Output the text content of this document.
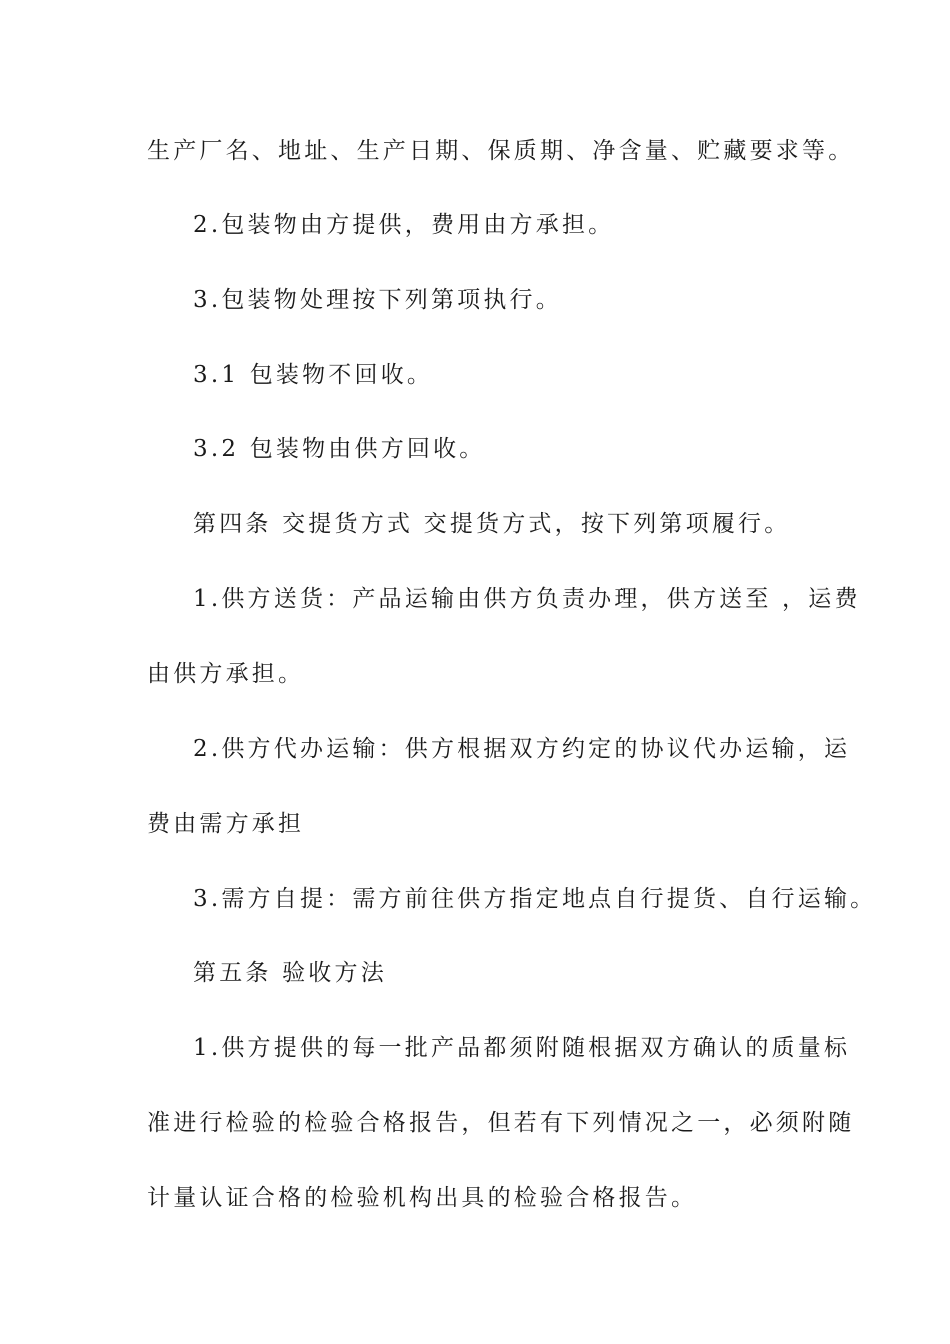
生产厂名、地址、生产日期、保质期、净含量、贮藏要求等。
2.包装物由方提供，费用由方承担。
3.包装物处理按下列第项执行。
3.1 包装物不回收。
3.2 包装物由供方回收。
第四条 交提货方式 交提货方式，按下列第项履行。
1.供方送货：产品运输由供方负责办理，供方送至 ，运费
由供方承担。
2.供方代办运输：供方根据双方约定的协议代办运输，运
费由需方承担
3.需方自提：需方前往供方指定地点自行提货、自行运输。
第五条 验收方法
1.供方提供的每一批产品都须附随根据双方确认的质量标
准进行检验的检验合格报告，但若有下列情况之一，必须附随
计量认证合格的检验机构出具的检验合格报告。
